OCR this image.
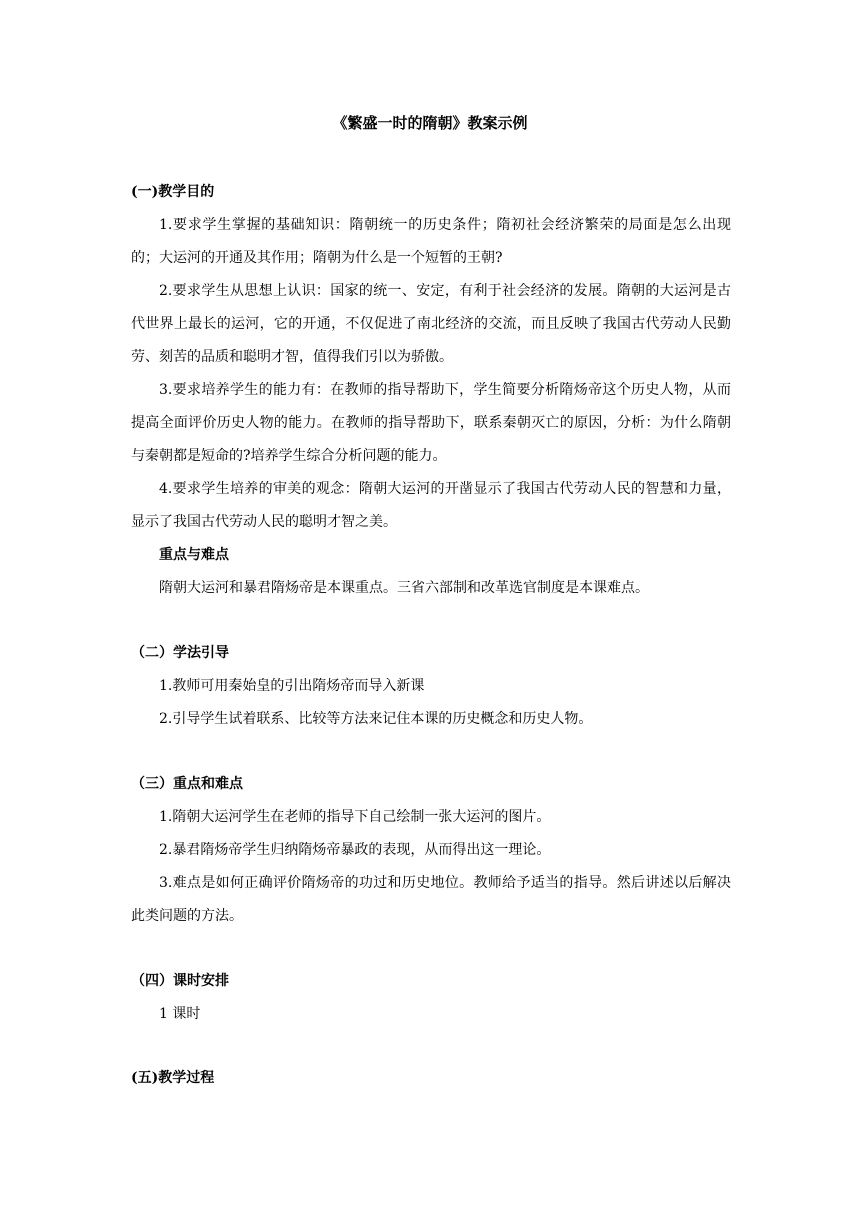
《繁盛一时的隋朝》教案示例

(一)教学目的

1.要求学生掌握的基础知识：隋朝统一的历史条件；隋初社会经济繁荣的局面是怎么出现的；大运河的开通及其作用；隋朝为什么是一个短暂的王朝?

2.要求学生从思想上认识：国家的统一、安定，有利于社会经济的发展。隋朝的大运河是古代世界上最长的运河，它的开通，不仅促进了南北经济的交流，而且反映了我国古代劳动人民勤劳、刻苦的品质和聪明才智，值得我们引以为骄傲。

3.要求培养学生的能力有：在教师的指导帮助下，学生简要分析隋炀帝这个历史人物，从而提高全面评价历史人物的能力。在教师的指导帮助下，联系秦朝灭亡的原因，分析：为什么隋朝与秦朝都是短命的?培养学生综合分析问题的能力。

4.要求学生培养的审美的观念：隋朝大运河的开凿显示了我国古代劳动人民的智慧和力量，显示了我国古代劳动人民的聪明才智之美。

重点与难点

隋朝大运河和暴君隋炀帝是本课重点。三省六部制和改革选官制度是本课难点。

（二）学法引导

1.教师可用秦始皇的引出隋炀帝而导入新课

2.引导学生试着联系、比较等方法来记住本课的历史概念和历史人物。

（三）重点和难点

1.隋朝大运河学生在老师的指导下自己绘制一张大运河的图片。

2.暴君隋炀帝学生归纳隋炀帝暴政的表现，从而得出这一理论。

3.难点是如何正确评价隋炀帝的功过和历史地位。教师给予适当的指导。然后讲述以后解决此类问题的方法。

（四）课时安排

1 课时

(五)教学过程
